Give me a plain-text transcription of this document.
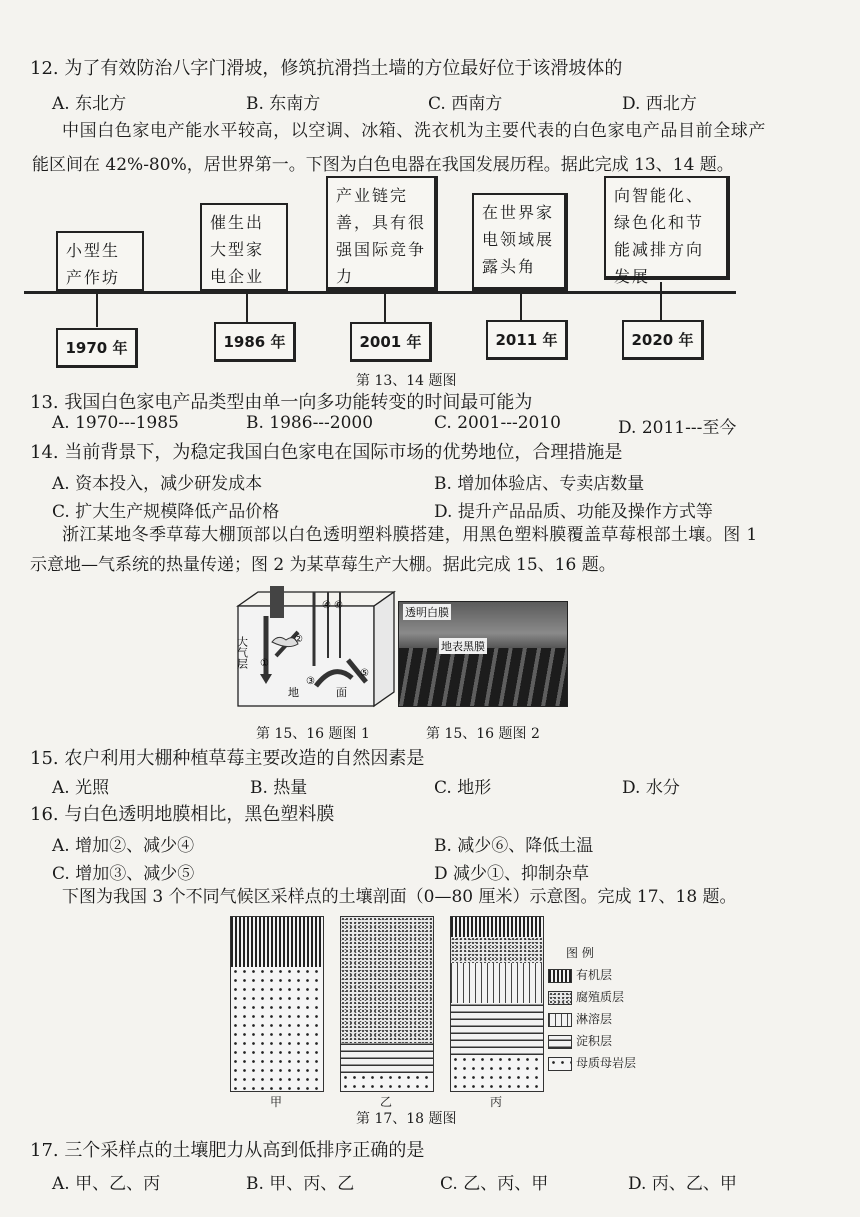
12. 为了有效防治八字门滑坡，修筑抗滑挡土墙的方位最好位于该滑坡体的
A. 东北方	B. 东南方	C. 西南方	D. 西北方
中国白色家电产能水平较高，以空调、冰箱、洗衣机为主要代表的白色家电产品目前全球产
能区间在 42%-80%，居世界第一。下图为白色电器在我国发展历程。据此完成 13、14 题。
小型生产作坊
催生出大型家电企业
产业链完善，具有很强国际竞争力
在世界家电领域展露头角
向智能化、绿色化和节能减排方向发展
1970 年	1986 年	2001 年	2011 年	2020 年
第 13、14 题图
13. 我国白色家电产品类型由单一向多功能转变的时间最可能为
A. 1970---1985	B. 1986---2000	C. 2001---2010	D. 2011---至今
14. 当前背景下，为稳定我国白色家电在国际市场的优势地位，合理措施是
A. 资本投入，减少研发成本	B. 增加体验店、专卖店数量
C. 扩大生产规模降低产品价格	D. 提升产品品质、功能及操作方式等
浙江某地冬季草莓大棚顶部以白色透明塑料膜搭建，用黑色塑料膜覆盖草莓根部土壤。图 1
示意地—气系统的热量传递；图 2 为某草莓生产大棚。据此完成 15、16 题。
①
②
③
④
⑤
⑥
大气层
地	面
第 15、16 题图 1
透明白膜
地表黑膜
第 15、16 题图 2
15. 农户利用大棚种植草莓主要改造的自然因素是
A. 光照	B. 热量	C. 地形	D. 水分
16. 与白色透明地膜相比，黑色塑料膜
A. 增加②、减少④	B. 减少⑥、降低土温
C. 增加③、减少⑤	D 减少①、抑制杂草
下图为我国 3 个不同气候区采样点的土壤剖面（0—80 厘米）示意图。完成 17、18 题。
甲	乙	丙
图 例
有机层
腐殖质层
淋溶层
淀积层
母质母岩层
第 17、18 题图
17. 三个采样点的土壤肥力从高到低排序正确的是
A. 甲、乙、丙	B. 甲、丙、乙	C. 乙、丙、甲	D. 丙、乙、甲
